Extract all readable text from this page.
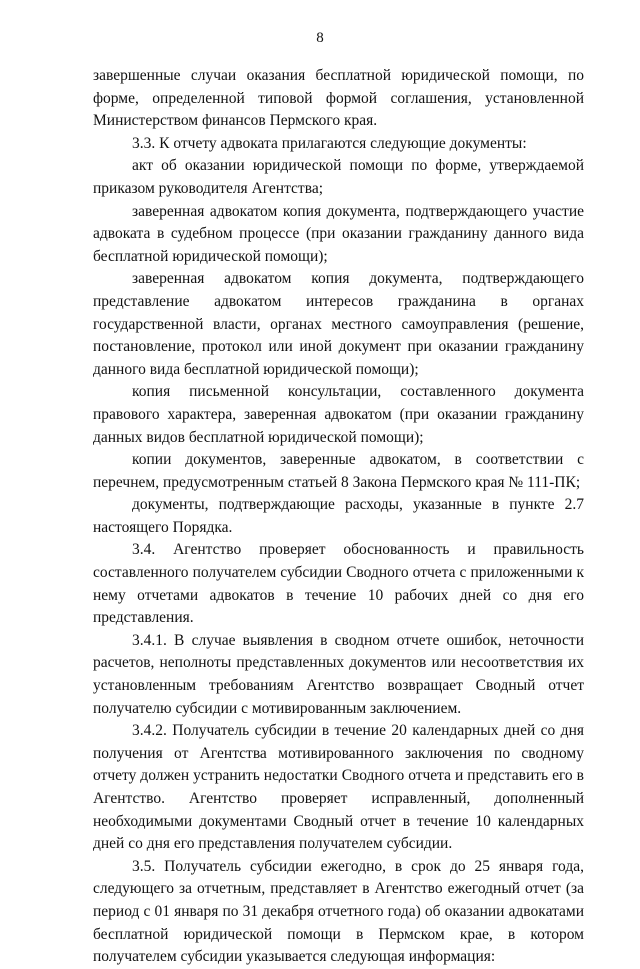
8

завершенные случаи оказания бесплатной юридической помощи, по форме, определенной типовой формой соглашения, установленной Министерством финансов Пермского края.

3.3. К отчету адвоката прилагаются следующие документы:

акт об оказании юридической помощи по форме, утверждаемой приказом руководителя Агентства;

заверенная адвокатом копия документа, подтверждающего участие адвоката в судебном процессе (при оказании гражданину данного вида бесплатной юридической помощи);

заверенная адвокатом копия документа, подтверждающего представление адвокатом интересов гражданина в органах государственной власти, органах местного самоуправления (решение, постановление, протокол или иной документ при оказании гражданину данного вида бесплатной юридической помощи);

копия письменной консультации, составленного документа правового характера, заверенная адвокатом (при оказании гражданину данных видов бесплатной юридической помощи);

копии документов, заверенные адвокатом, в соответствии с перечнем, предусмотренным статьей 8 Закона Пермского края № 111-ПК;

документы, подтверждающие расходы, указанные в пункте 2.7 настоящего Порядка.

3.4. Агентство проверяет обоснованность и правильность составленного получателем субсидии Сводного отчета с приложенными к нему отчетами адвокатов в течение 10 рабочих дней со дня его представления.

3.4.1. В случае выявления в сводном отчете ошибок, неточности расчетов, неполноты представленных документов или несоответствия их установленным требованиям Агентство возвращает Сводный отчет получателю субсидии с мотивированным заключением.

3.4.2. Получатель субсидии в течение 20 календарных дней со дня получения от Агентства мотивированного заключения по сводному отчету должен устранить недостатки Сводного отчета и представить его в Агентство. Агентство проверяет исправленный, дополненный необходимыми документами Сводный отчет в течение 10 календарных дней со дня его представления получателем субсидии.

3.5. Получатель субсидии ежегодно, в срок до 25 января года, следующего за отчетным, представляет в Агентство ежегодный отчет (за период с 01 января по 31 декабря отчетного года) об оказании адвокатами бесплатной юридической помощи в Пермском крае, в котором получателем субсидии указывается следующая информация:
